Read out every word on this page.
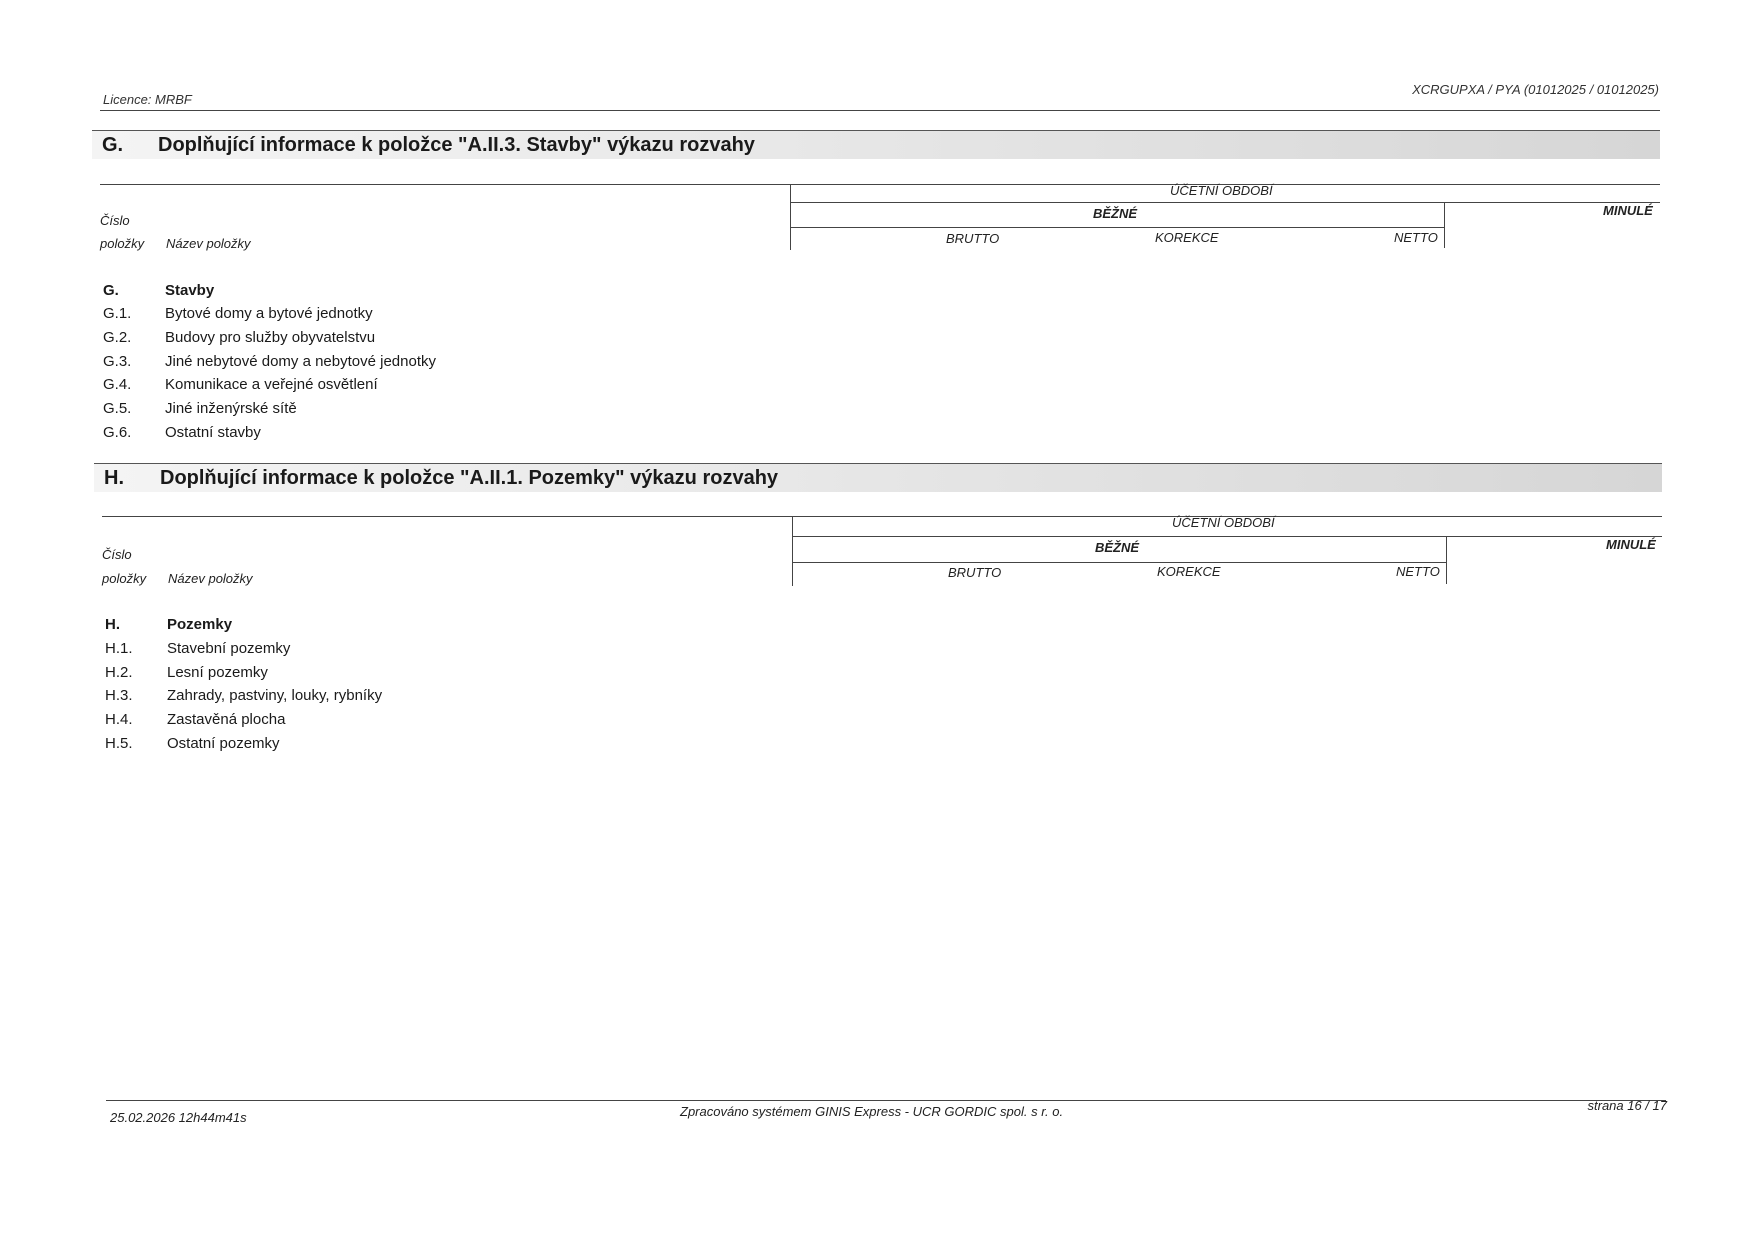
Licence: MRBF
XCRGUPXA / PYA (01012025 / 01012025)
G. Doplňující informace k položce "A.II.3. Stavby" výkazu rozvahy
ÚČETNÍ OBDOBÍ
BĚŽNÉ	MINULÉ
Číslo
položky Název položky	BRUTTO	KOREKCE	NETTO
G.	Stavby
G.1. Bytové domy a bytové jednotky
G.2. Budovy pro služby obyvatelstvu
G.3. Jiné nebytové domy a nebytové jednotky
G.4. Komunikace a veřejné osvětlení
G.5. Jiné inženýrské sítě
G.6. Ostatní stavby
H. Doplňující informace k položce "A.II.1. Pozemky" výkazu rozvahy
ÚČETNÍ OBDOBÍ
BĚŽNÉ	MINULÉ
Číslo
položky Název položky	BRUTTO	KOREKCE	NETTO
H.	Pozemky
H.1. Stavební pozemky
H.2. Lesní pozemky
H.3. Zahrady, pastviny, louky, rybníky
H.4. Zastavěná plocha
H.5. Ostatní pozemky
25.02.2026 12h44m41s	Zpracováno systémem GINIS Express - UCR GORDIC spol. s r. o.	strana 16 / 17
